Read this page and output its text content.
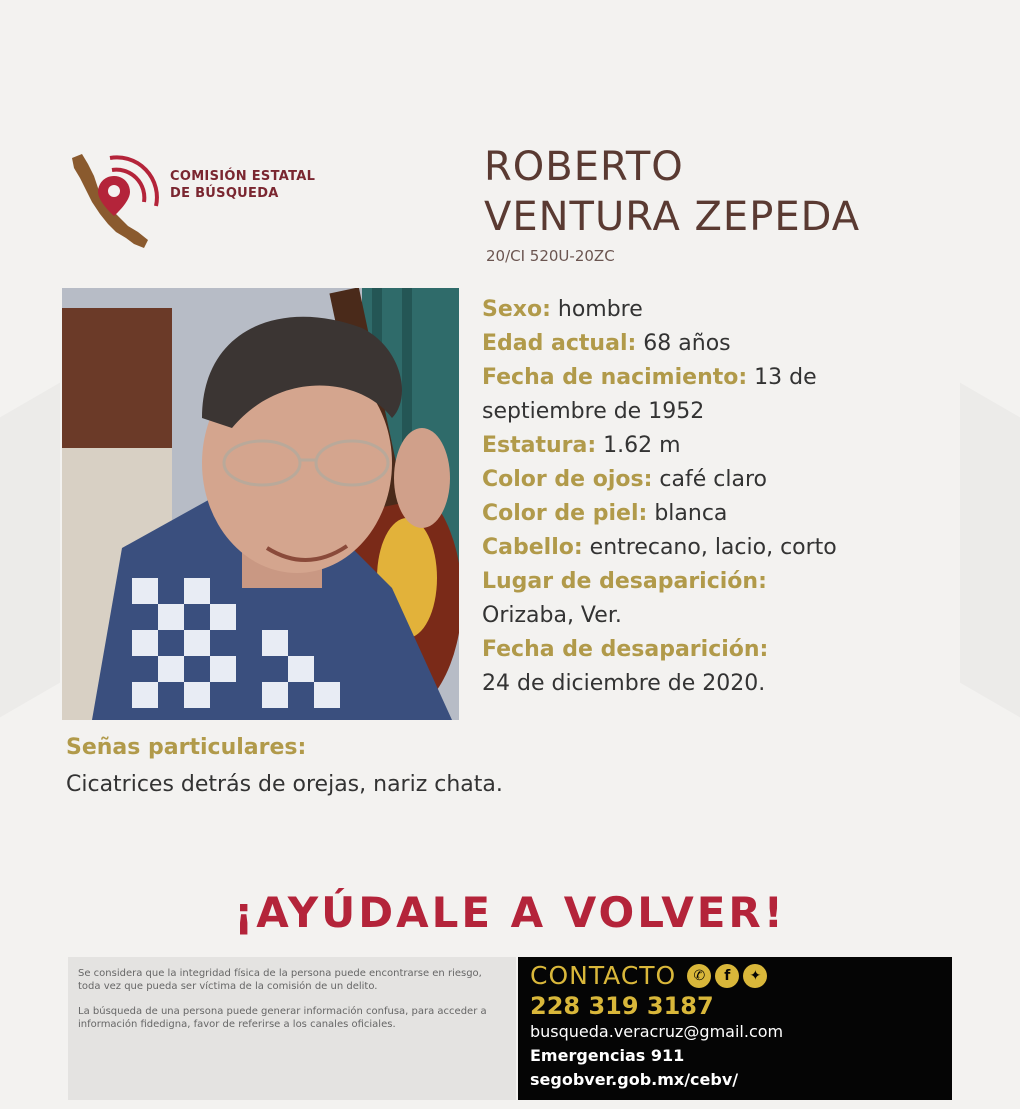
COMISIÓN ESTATAL
DE BÚSQUEDA
ROBERTO
VENTURA ZEPEDA
20/CI 520U-20ZC
Sexo: hombre
Edad actual: 68 años
Fecha de nacimiento: 13 de
septiembre de 1952
Estatura: 1.62 m
Color de ojos: café claro
Color de piel: blanca
Cabello: entrecano, lacio, corto
Lugar de desaparición:
Orizaba, Ver.
Fecha de desaparición:
24 de diciembre de 2020.
Señas particulares:
Cicatrices detrás de orejas, nariz chata.
¡AYÚDALE A VOLVER!

Se considera que la integridad física de la persona puede encontrarse en riesgo, toda vez que pueda ser víctima de la comisión de un delito.

La búsqueda de una persona puede generar información confusa, para acceder a información fidedigna, favor de referirse a los canales oficiales.

CONTACTO ✆ f ✦
228 319 3187
busqueda.veracruz@gmail.com
Emergencias 911
segobver.gob.mx/cebv/
